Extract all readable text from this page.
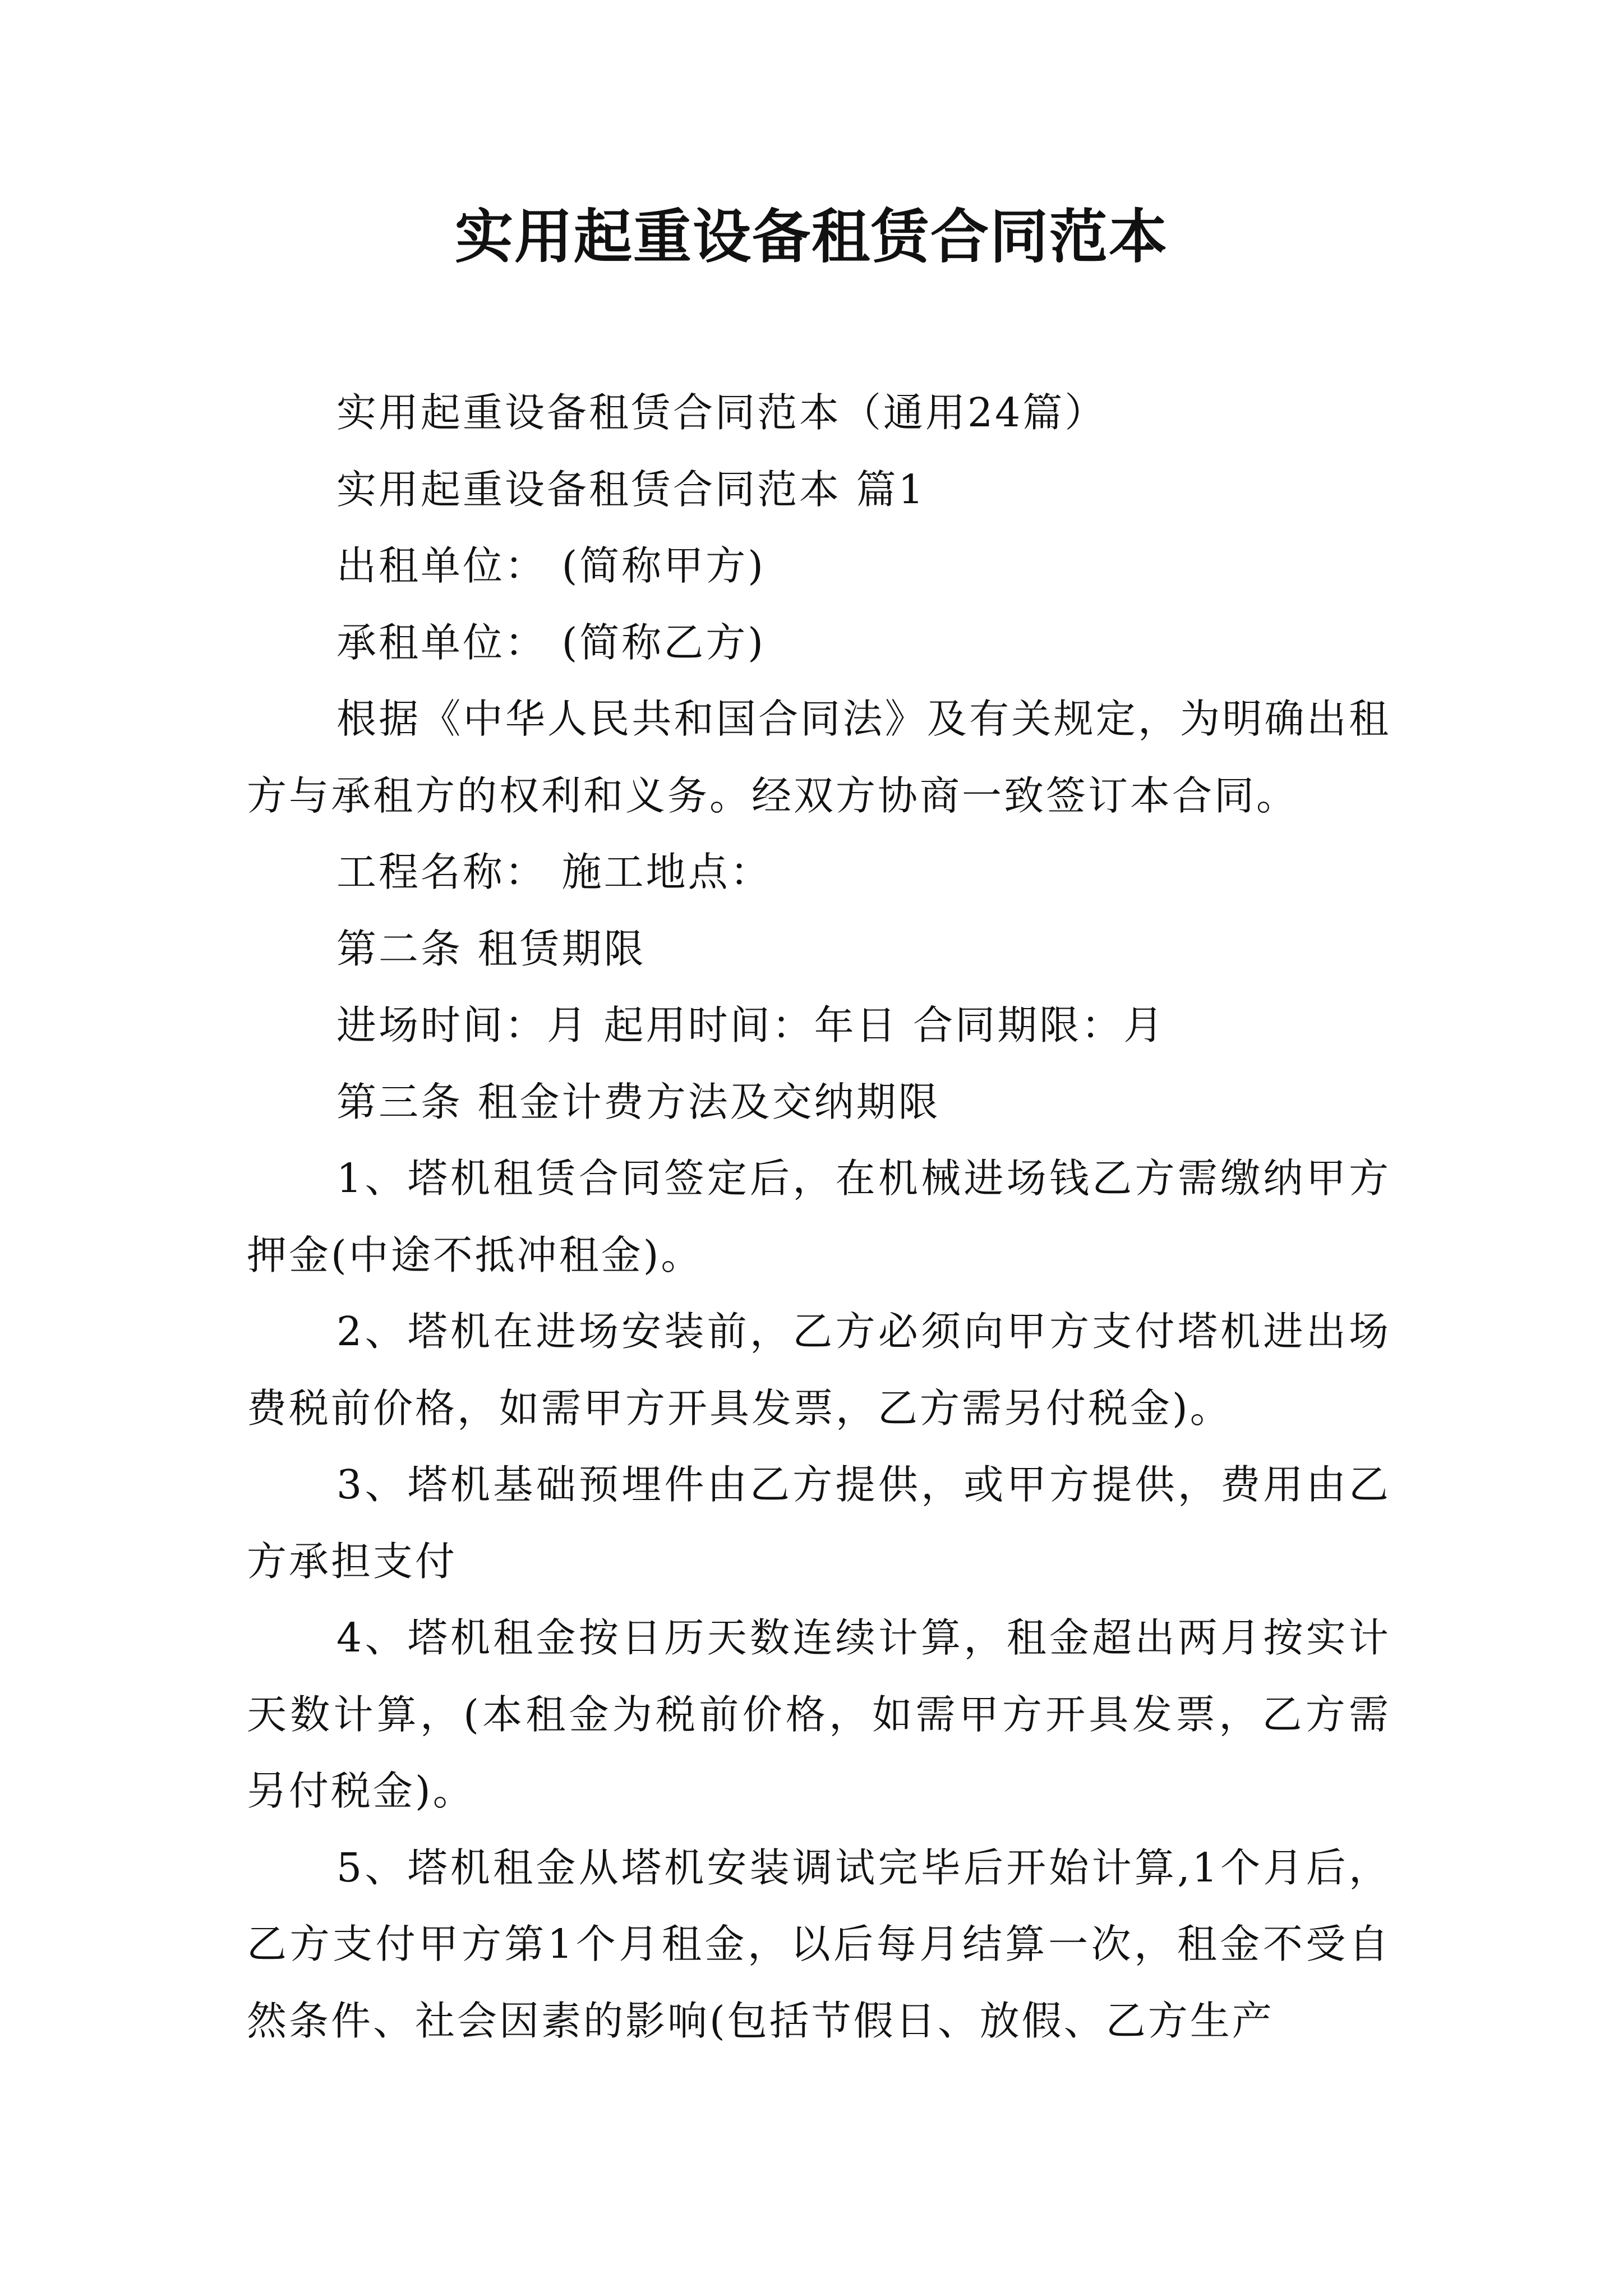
实用起重设备租赁合同范本

实用起重设备租赁合同范本（通用24篇）

实用起重设备租赁合同范本 篇1

出租单位： (简称甲方)

承租单位： (简称乙方)

根据《中华人民共和国合同法》及有关规定，为明确出租方与承租方的权利和义务。经双方协商一致签订本合同。

工程名称： 施工地点：

第二条 租赁期限

进场时间：月 起用时间：年日 合同期限：月

第三条 租金计费方法及交纳期限

1、塔机租赁合同签定后，在机械进场钱乙方需缴纳甲方押金(中途不抵冲租金)。

2、塔机在进场安装前，乙方必须向甲方支付塔机进出场费税前价格，如需甲方开具发票，乙方需另付税金)。

3、塔机基础预埋件由乙方提供，或甲方提供，费用由乙方承担支付

4、塔机租金按日历天数连续计算，租金超出两月按实计天数计算，(本租金为税前价格，如需甲方开具发票，乙方需另付税金)。

5、塔机租金从塔机安装调试完毕后开始计算,1个月后，乙方支付甲方第1个月租金，以后每月结算一次，租金不受自然条件、社会因素的影响(包括节假日、放假、乙方生产
